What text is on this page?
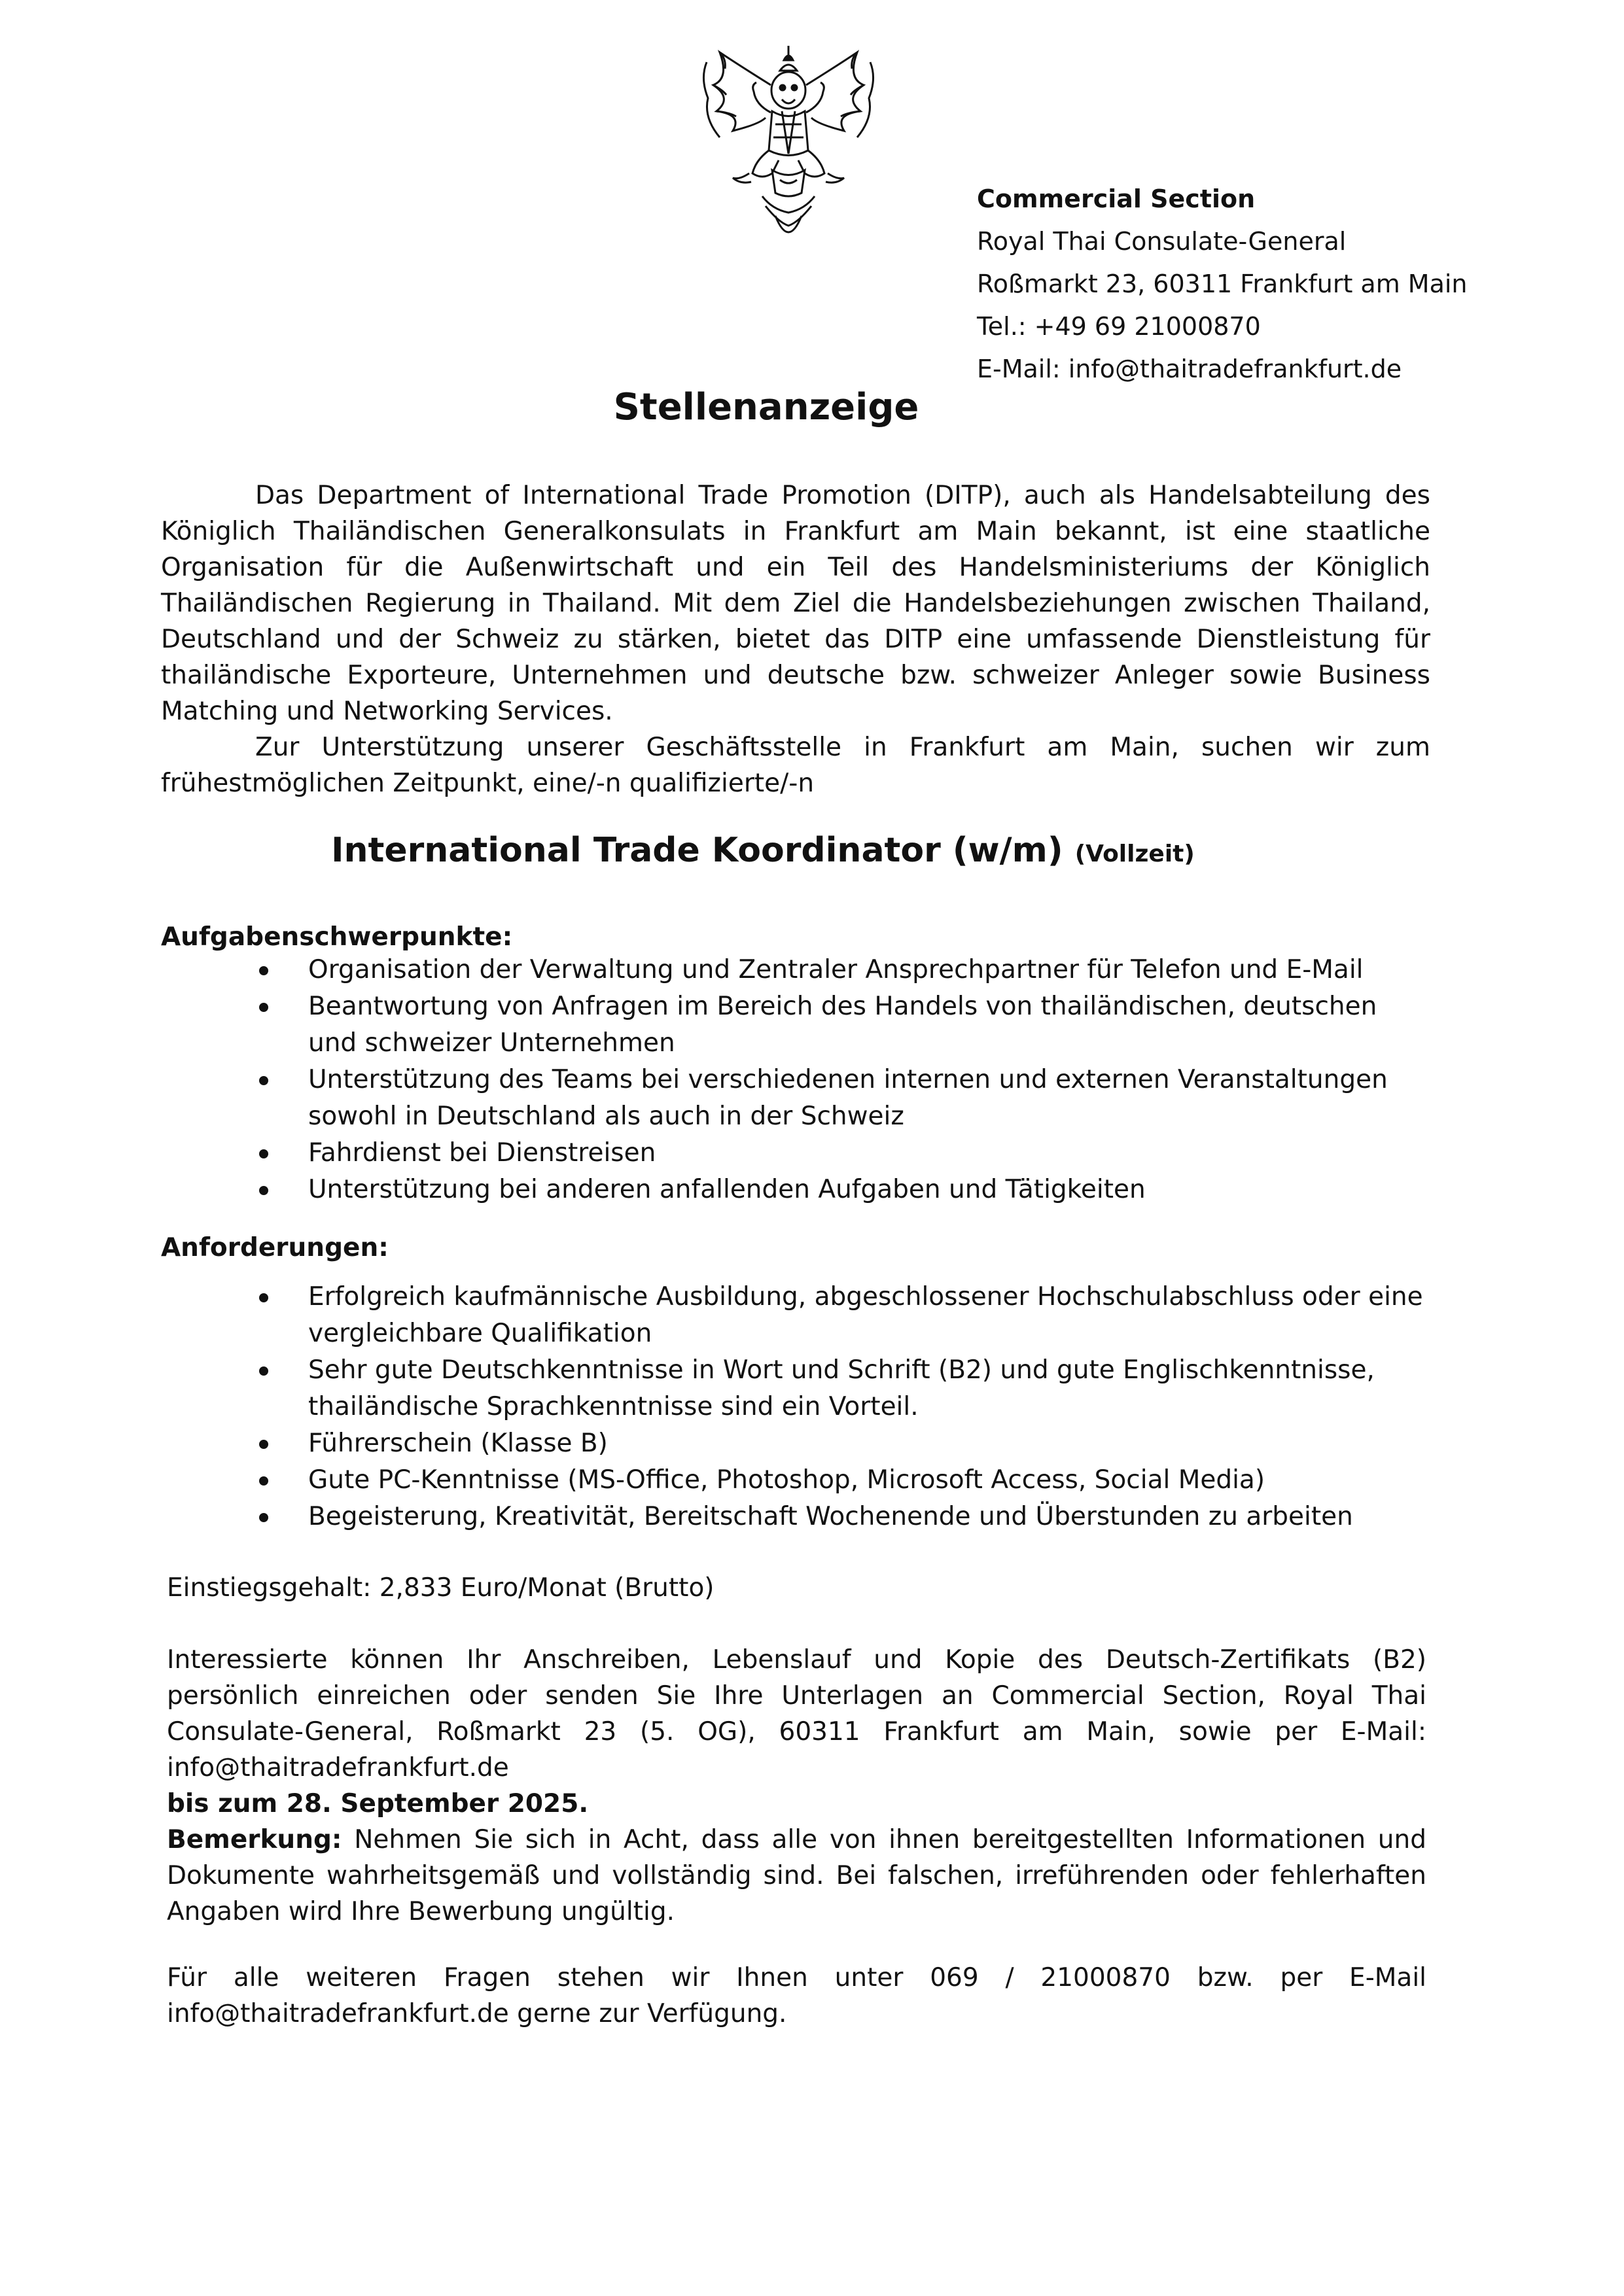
Commercial Section
Royal Thai Consulate-General
Roßmarkt 23, 60311 Frankfurt am Main
Tel.: +49 69 21000870
E-Mail: info@thaitradefrankfurt.de
Stellenanzeige
Das Department of International Trade Promotion (DITP), auch als Handelsabteilung des Königlich Thailändischen Generalkonsulats in Frankfurt am Main bekannt, ist eine staatliche Organisation für die Außenwirtschaft und ein Teil des Handelsministeriums der Königlich Thailändischen Regierung in Thailand. Mit dem Ziel die Handelsbeziehungen zwischen Thailand, Deutschland und der Schweiz zu stärken, bietet das DITP eine umfassende Dienstleistung für thailändische Exporteure, Unternehmen und deutsche bzw. schweizer Anleger sowie Business Matching und Networking Services.
Zur Unterstützung unserer Geschäftsstelle in Frankfurt am Main, suchen wir zum frühestmöglichen Zeitpunkt, eine/-n qualifizierte/-n
International Trade Koordinator (w/m) (Vollzeit)
Aufgabenschwerpunkte:
Organisation der Verwaltung und Zentraler Ansprechpartner für Telefon und E-Mail
Beantwortung von Anfragen im Bereich des Handels von thailändischen, deutschen und schweizer Unternehmen
Unterstützung des Teams bei verschiedenen internen und externen Veranstaltungen sowohl in Deutschland als auch in der Schweiz
Fahrdienst bei Dienstreisen
Unterstützung bei anderen anfallenden Aufgaben und Tätigkeiten
Anforderungen:
Erfolgreich kaufmännische Ausbildung, abgeschlossener Hochschulabschluss oder eine vergleichbare Qualifikation
Sehr gute Deutschkenntnisse in Wort und Schrift (B2) und gute Englischkenntnisse, thailändische Sprachkenntnisse sind ein Vorteil.
Führerschein (Klasse B)
Gute PC-Kenntnisse (MS-Office, Photoshop, Microsoft Access, Social Media)
Begeisterung, Kreativität, Bereitschaft Wochenende und Überstunden zu arbeiten
Einstiegsgehalt: 2,833 Euro/Monat (Brutto)
Interessierte können Ihr Anschreiben, Lebenslauf und Kopie des Deutsch-Zertifikats (B2) persönlich einreichen oder senden Sie Ihre Unterlagen an Commercial Section, Royal Thai Consulate-General, Roßmarkt 23 (5. OG), 60311 Frankfurt am Main, sowie per E-Mail: info@thaitradefrankfurt.de
bis zum 28. September 2025.
Bemerkung: Nehmen Sie sich in Acht, dass alle von ihnen bereitgestellten Informationen und Dokumente wahrheitsgemäß und vollständig sind. Bei falschen, irreführenden oder fehlerhaften Angaben wird Ihre Bewerbung ungültig.
Für alle weiteren Fragen stehen wir Ihnen unter 069 / 21000870 bzw. per E-Mail info@thaitradefrankfurt.de gerne zur Verfügung.
